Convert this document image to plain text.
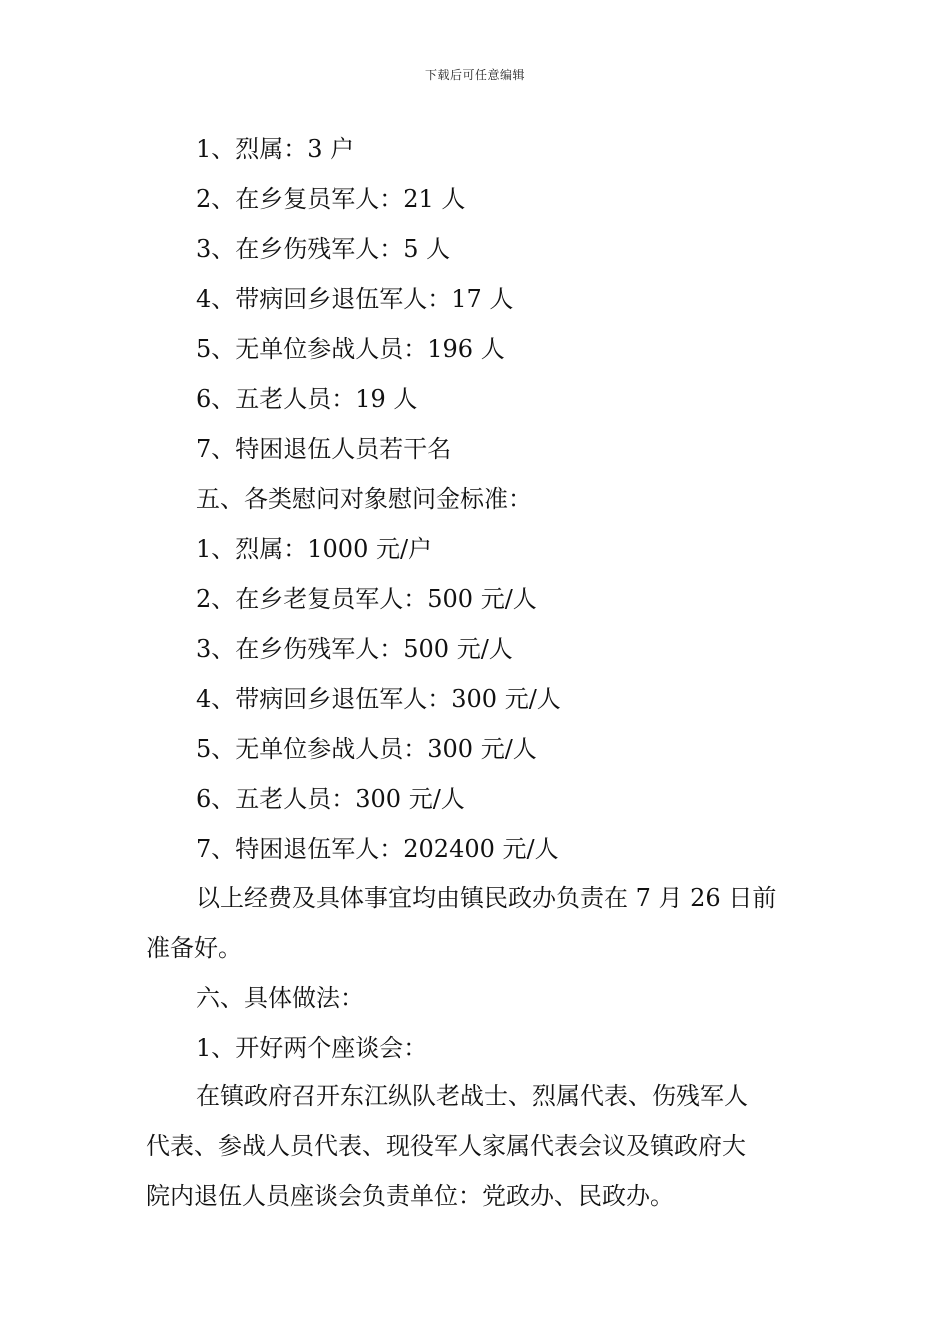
下载后可任意编辑
1、烈属：3 户
2、在乡复员军人：21 人
3、在乡伤残军人：5 人
4、带病回乡退伍军人：17 人
5、无单位参战人员：196 人
6、五老人员：19 人
7、特困退伍人员若干名
五、各类慰问对象慰问金标准：
1、烈属：1000 元/户
2、在乡老复员军人：500 元/人
3、在乡伤残军人：500 元/人
4、带病回乡退伍军人：300 元/人
5、无单位参战人员：300 元/人
6、五老人员：300 元/人
7、特困退伍军人：202400 元/人
以上经费及具体事宜均由镇民政办负责在 7 月 26 日前
准备好。
六、具体做法：
1、开好两个座谈会：
在镇政府召开东江纵队老战士、烈属代表、伤残军人
代表、参战人员代表、现役军人家属代表会议及镇政府大
院内退伍人员座谈会负责单位：党政办、民政办。
